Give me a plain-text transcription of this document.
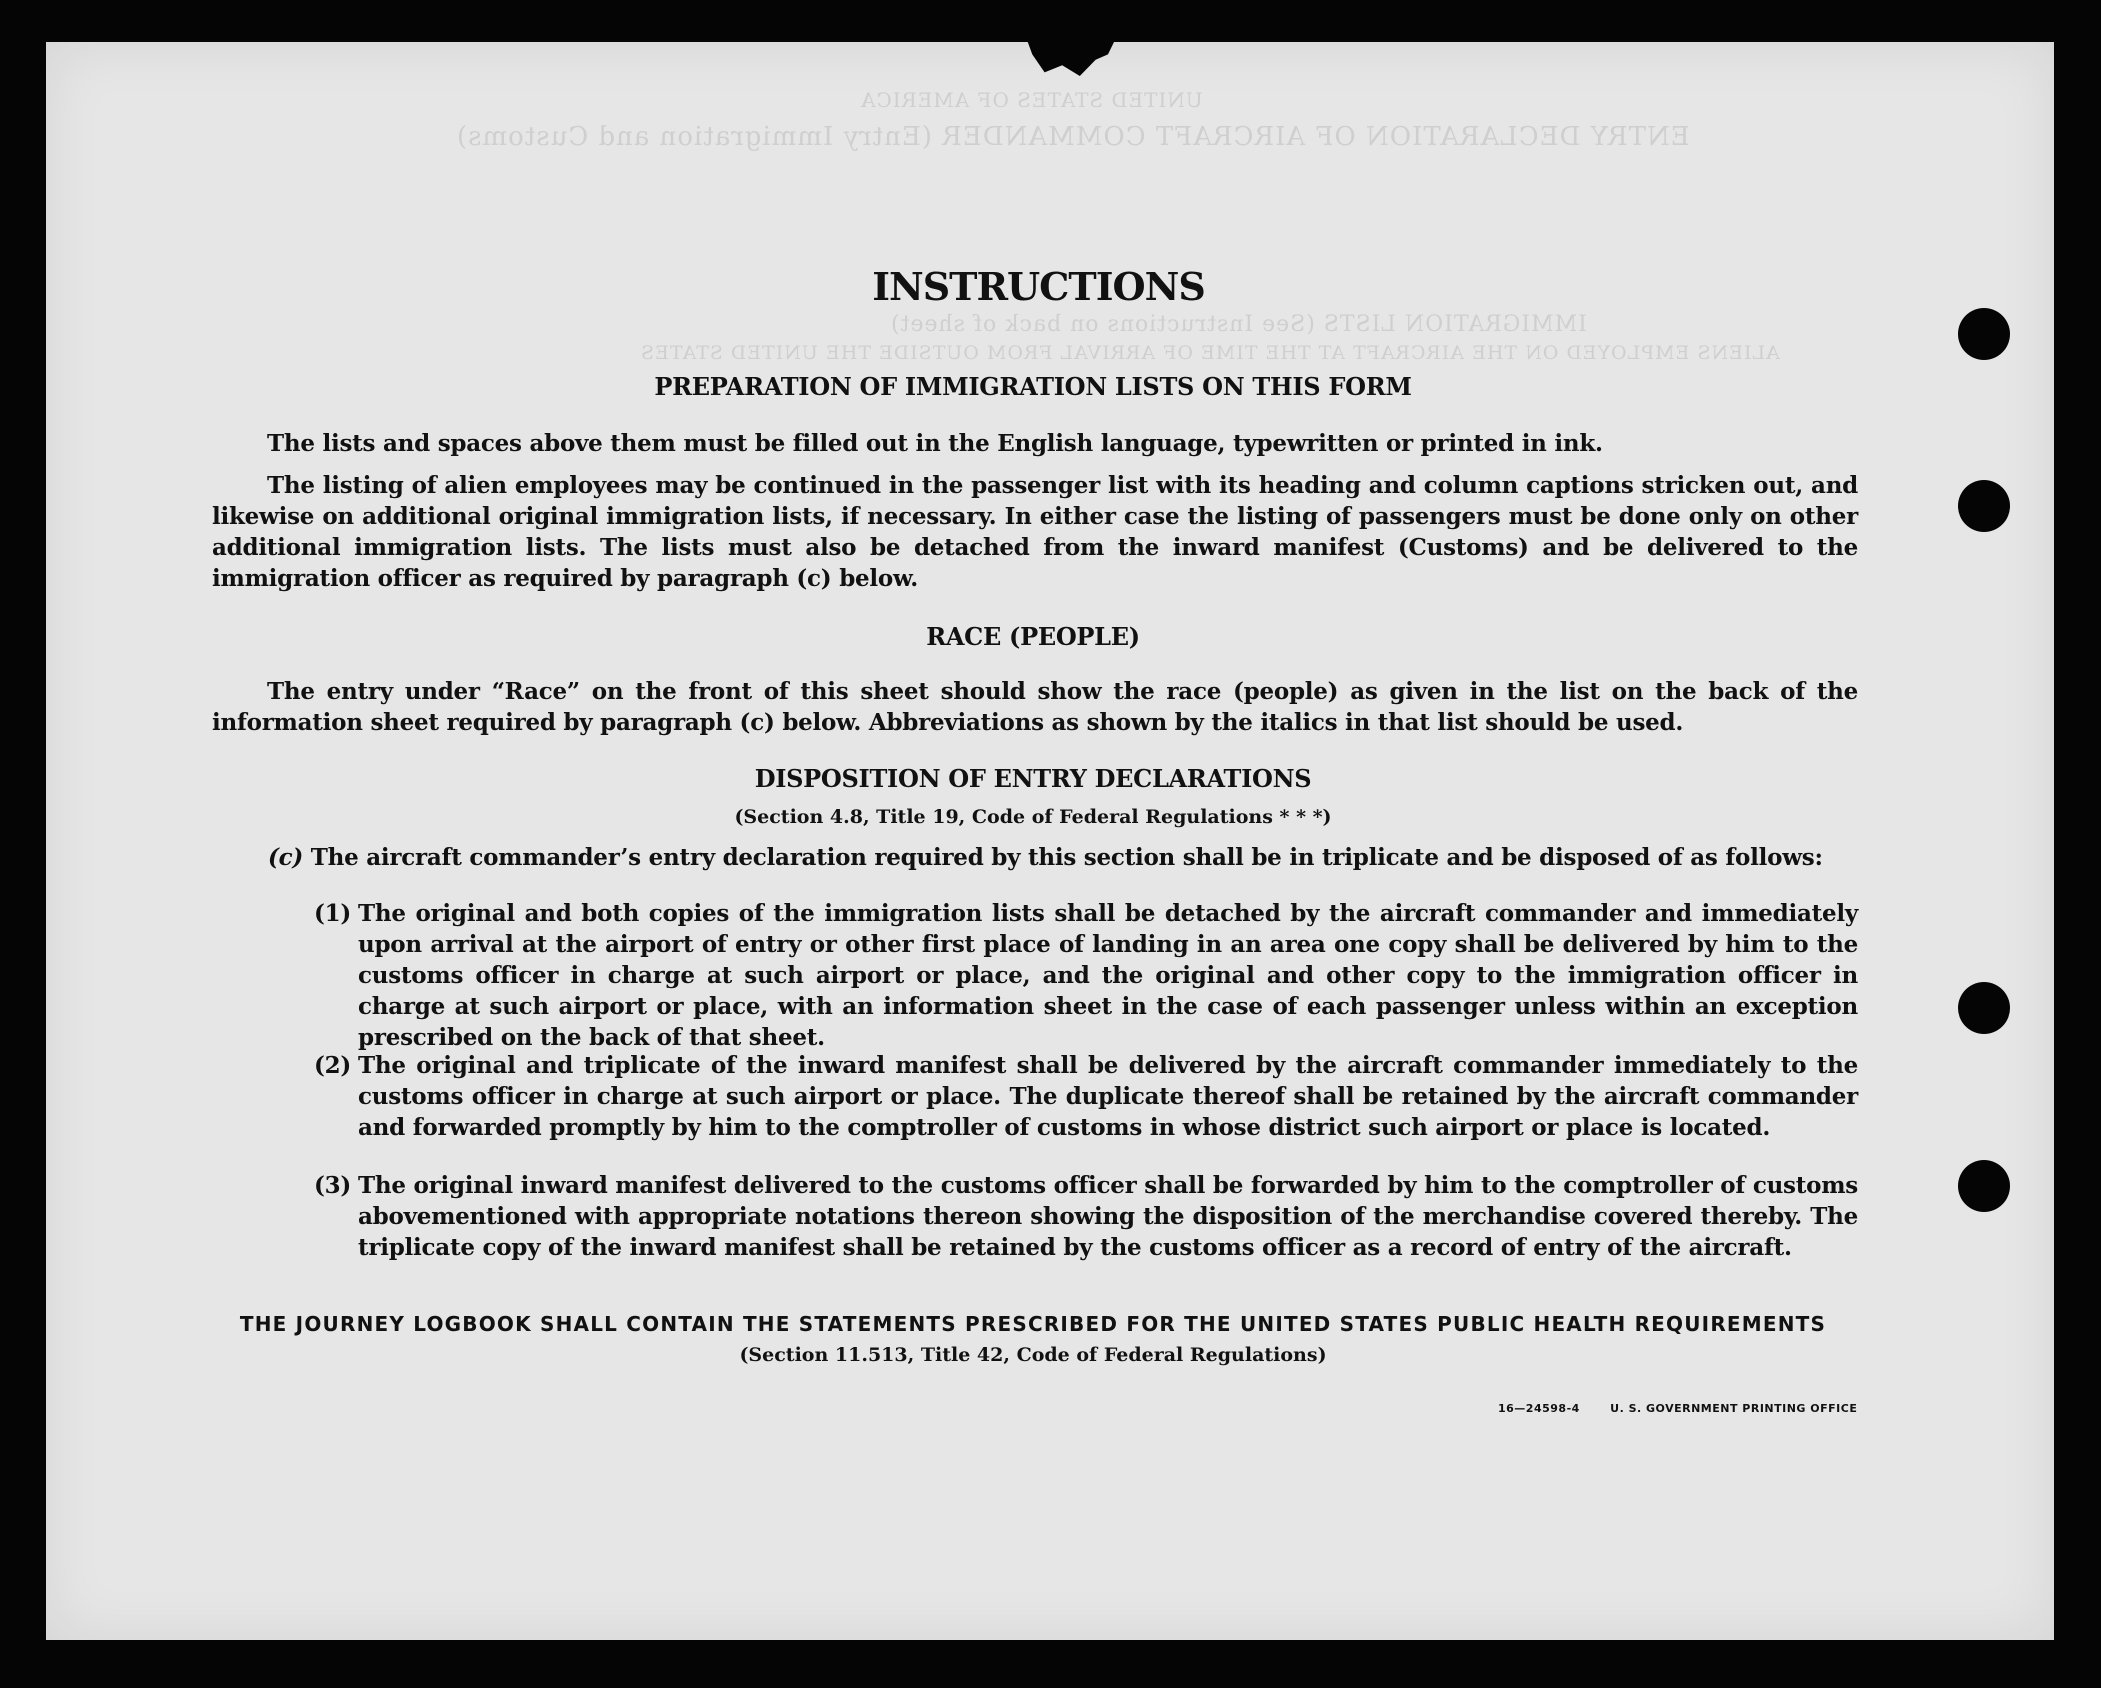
UNITED STATES OF AMERICA
ENTRY DECLARATION OF AIRCRAFT COMMANDER (Entry Immigration and Customs)
IMMIGRATION LISTS (See Instructions on back of sheet)
ALIENS EMPLOYED ON THE AIRCRAFT AT THE TIME OF ARRIVAL FROM OUTSIDE THE UNITED STATES
INSTRUCTIONS
PREPARATION OF IMMIGRATION LISTS ON THIS FORM
The lists and spaces above them must be filled out in the English language, typewritten or printed in ink.
The listing of alien employees may be continued in the passenger list with its heading and column captions stricken out, and likewise on additional original immigration lists, if necessary. In either case the listing of passengers must be done only on other additional immigration lists. The lists must also be detached from the inward manifest (Customs) and be delivered to the immigration officer as required by paragraph (c) below.
RACE (PEOPLE)
The entry under “Race” on the front of this sheet should show the race (people) as given in the list on the back of the information sheet required by paragraph (c) below. Abbreviations as shown by the italics in that list should be used.
DISPOSITION OF ENTRY DECLARATIONS
(Section 4.8, Title 19, Code of Federal Regulations * * *)
(c) The aircraft commander’s entry declaration required by this section shall be in triplicate and be disposed of as follows:
(1) The original and both copies of the immigration lists shall be detached by the aircraft commander and immediately upon arrival at the airport of entry or other first place of landing in an area one copy shall be delivered by him to the customs officer in charge at such airport or place, and the original and other copy to the immigration officer in charge at such airport or place, with an information sheet in the case of each passenger unless within an exception prescribed on the back of that sheet.
(2) The original and triplicate of the inward manifest shall be delivered by the aircraft commander immediately to the customs officer in charge at such airport or place. The duplicate thereof shall be retained by the aircraft commander and forwarded promptly by him to the comptroller of customs in whose district such airport or place is located.
(3) The original inward manifest delivered to the customs officer shall be forwarded by him to the comptroller of customs abovementioned with appropriate notations thereon showing the disposition of the merchandise covered thereby. The triplicate copy of the inward manifest shall be retained by the customs officer as a record of entry of the aircraft.
THE JOURNEY LOGBOOK SHALL CONTAIN THE STATEMENTS PRESCRIBED FOR THE UNITED STATES PUBLIC HEALTH REQUIREMENTS
(Section 11.513, Title 42, Code of Federal Regulations)
16—24598-4	U. S. GOVERNMENT PRINTING OFFICE
